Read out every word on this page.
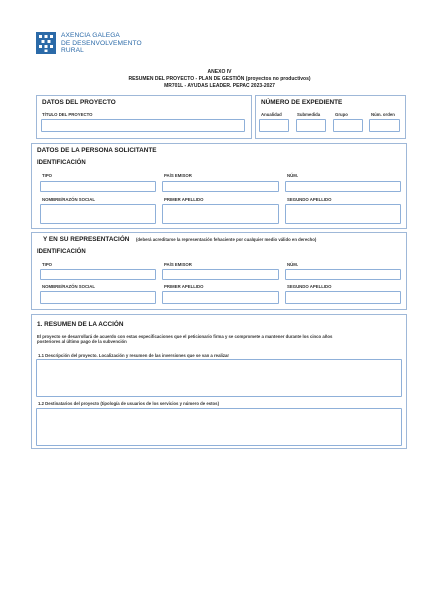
AXENCIA GALEGA
DE DESENVOLVEMENTO
RURAL
ANEXO IV
RESUMEN DEL PROYECTO - PLAN DE GESTIÓN (proyectos no productivos)
MR701L - AYUDAS LEADER. PEPAC 2023-2027
DATOS DEL PROYECTO
TÍTULO DEL PROYECTO
NÚMERO DE EXPEDIENTE
Anualidad	Submedida	Grupo	Núm. orden
DATOS DE LA PERSONA SOLICITANTE
IDENTIFICACIÓN
TIPO	PAÍS EMISOR	NÚM.
NOMBRE/RAZÓN SOCIAL	PRIMER APELLIDO	SEGUNDO APELLIDO
Y EN SU REPRESENTACIÓN (deberá acreditarse la representación fehaciente por cualquier medio válido en derecho)
IDENTIFICACIÓN
TIPO	PAÍS EMISOR	NÚM.
NOMBRE/RAZÓN SOCIAL	PRIMER APELLIDO	SEGUNDO APELLIDO
1. RESUMEN DE LA ACCIÓN
El proyecto se desarrollará de acuerdo con estas especificaciones que el peticionario firma y se compromete a mantener durante los cinco años
posteriores al último pago de la subvención
1.1 Descripción del proyecto. Localización y resumen de las inversiones que se van a realizar
1.2 Destinatarios del proyecto (tipología de usuarios de los servicios y número de estos)
